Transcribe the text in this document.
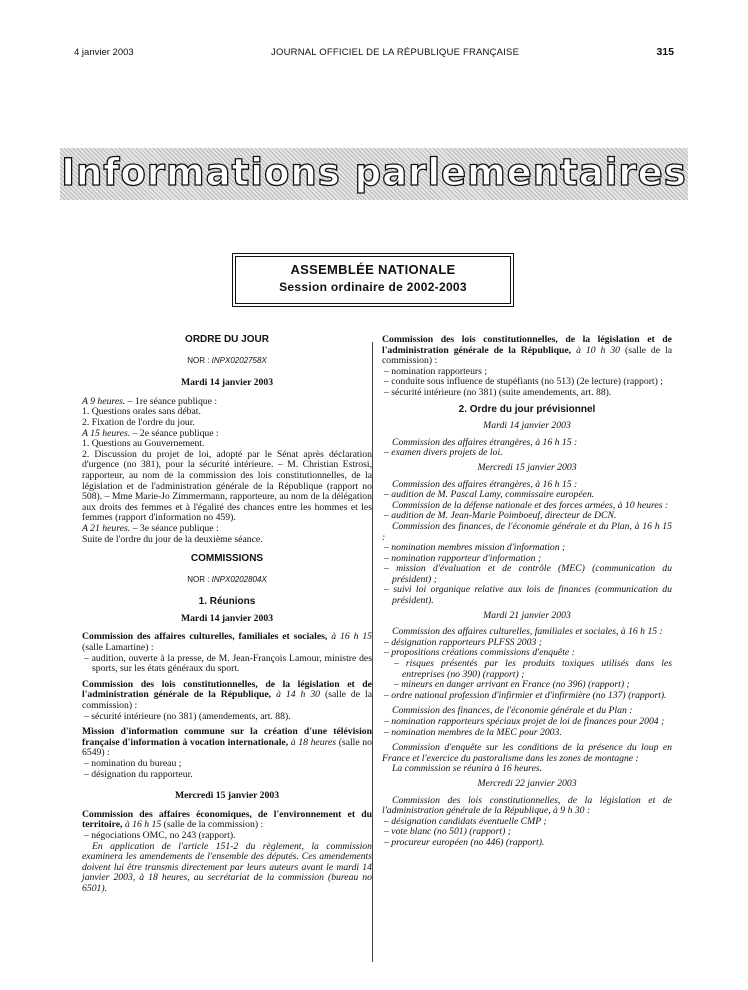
4 janvier 2003	JOURNAL OFFICIEL DE LA RÉPUBLIQUE FRANÇAISE	315
Informations parlementaires
ASSEMBLÉE NATIONALE
Session ordinaire de 2002-2003
ORDRE DU JOUR
NOR : INPX0202758X
Mardi 14 janvier 2003

A 9 heures. – 1re séance publique :

1. Questions orales sans débat.

2. Fixation de l'ordre du jour.

A 15 heures. – 2e séance publique :

1. Questions au Gouvernement.

2. Discussion du projet de loi, adopté par le Sénat après déclaration d'urgence (no 381), pour la sécurité intérieure. – M. Christian Estrosi, rapporteur, au nom de la commission des lois constitutionnelles, de la législation et de l'administration générale de la République (rapport no 508). – Mme Marie-Jo Zimmermann, rapporteure, au nom de la délégation aux droits des femmes et à l'égalité des chances entre les hommes et les femmes (rapport d'information no 459).

A 21 heures. – 3e séance publique :

Suite de l'ordre du jour de la deuxième séance.

COMMISSIONS
NOR : INPX0202804X
1. Réunions
Mardi 14 janvier 2003

Commission des affaires culturelles, familiales et sociales, à 16 h 15 (salle Lamartine) :

– audition, ouverte à la presse, de M. Jean-François Lamour, ministre des sports, sur les états généraux du sport.

Commission des lois constitutionnelles, de la législation et de l'administration générale de la République, à 14 h 30 (salle de la commission) :

– sécurité intérieure (no 381) (amendements, art. 88).

Mission d'information commune sur la création d'une télévision française d'information à vocation internationale, à 18 heures (salle no 6549) :

– nomination du bureau ;

– désignation du rapporteur.

Mercredi 15 janvier 2003

Commission des affaires économiques, de l'environnement et du territoire, à 16 h 15 (salle de la commission) :

– négociations OMC, no 243 (rapport).

En application de l'article 151-2 du règlement, la commission examinera les amendements de l'ensemble des députés. Ces amendements doivent lui être transmis directement par leurs auteurs avant le mardi 14 janvier 2003, à 18 heures, au secrétariat de la commission (bureau no 6501).

Commission des lois constitutionnelles, de la législation et de l'administration générale de la République, à 10 h 30 (salle de la commission) :

– nomination rapporteurs ;

– conduite sous influence de stupéfiants (no 513) (2e lecture) (rapport) ;

– sécurité intérieure (no 381) (suite amendements, art. 88).

2. Ordre du jour prévisionnel
Mardi 14 janvier 2003

Commission des affaires étrangères, à 16 h 15 :

– examen divers projets de loi.

Mercredi 15 janvier 2003

Commission des affaires étrangères, à 16 h 15 :

– audition de M. Pascal Lamy, commissaire européen.

Commission de la défense nationale et des forces armées, à 10 heures :

– audition de M. Jean-Marie Poimboeuf, directeur de DCN.

Commission des finances, de l'économie générale et du Plan, à 16 h 15 :

– nomination membres mission d'information ;

– nomination rapporteur d'information ;

– mission d'évaluation et de contrôle (MEC) (communication du président) ;

– suivi loi organique relative aux lois de finances (communication du président).

Mardi 21 janvier 2003

Commission des affaires culturelles, familiales et sociales, à 16 h 15 :

– désignation rapporteurs PLFSS 2003 ;

– propositions créations commissions d'enquête :

– risques présentés par les produits toxiques utilisés dans les entreprises (no 390) (rapport) ;

– mineurs en danger arrivant en France (no 396) (rapport) ;

– ordre national profession d'infirmier et d'infirmière (no 137) (rapport).

Commission des finances, de l'économie générale et du Plan :

– nomination rapporteurs spéciaux projet de loi de finances pour 2004 ;

– nomination membres de la MEC pour 2003.

Commission d'enquête sur les conditions de la présence du loup en France et l'exercice du pastoralisme dans les zones de montagne :

La commission se réunira à 16 heures.

Mercredi 22 janvier 2003

Commission des lois constitutionnelles, de la législation et de l'administration générale de la République, à 9 h 30 :

– désignation candidats éventuelle CMP ;

– vote blanc (no 501) (rapport) ;

– procureur européen (no 446) (rapport).
